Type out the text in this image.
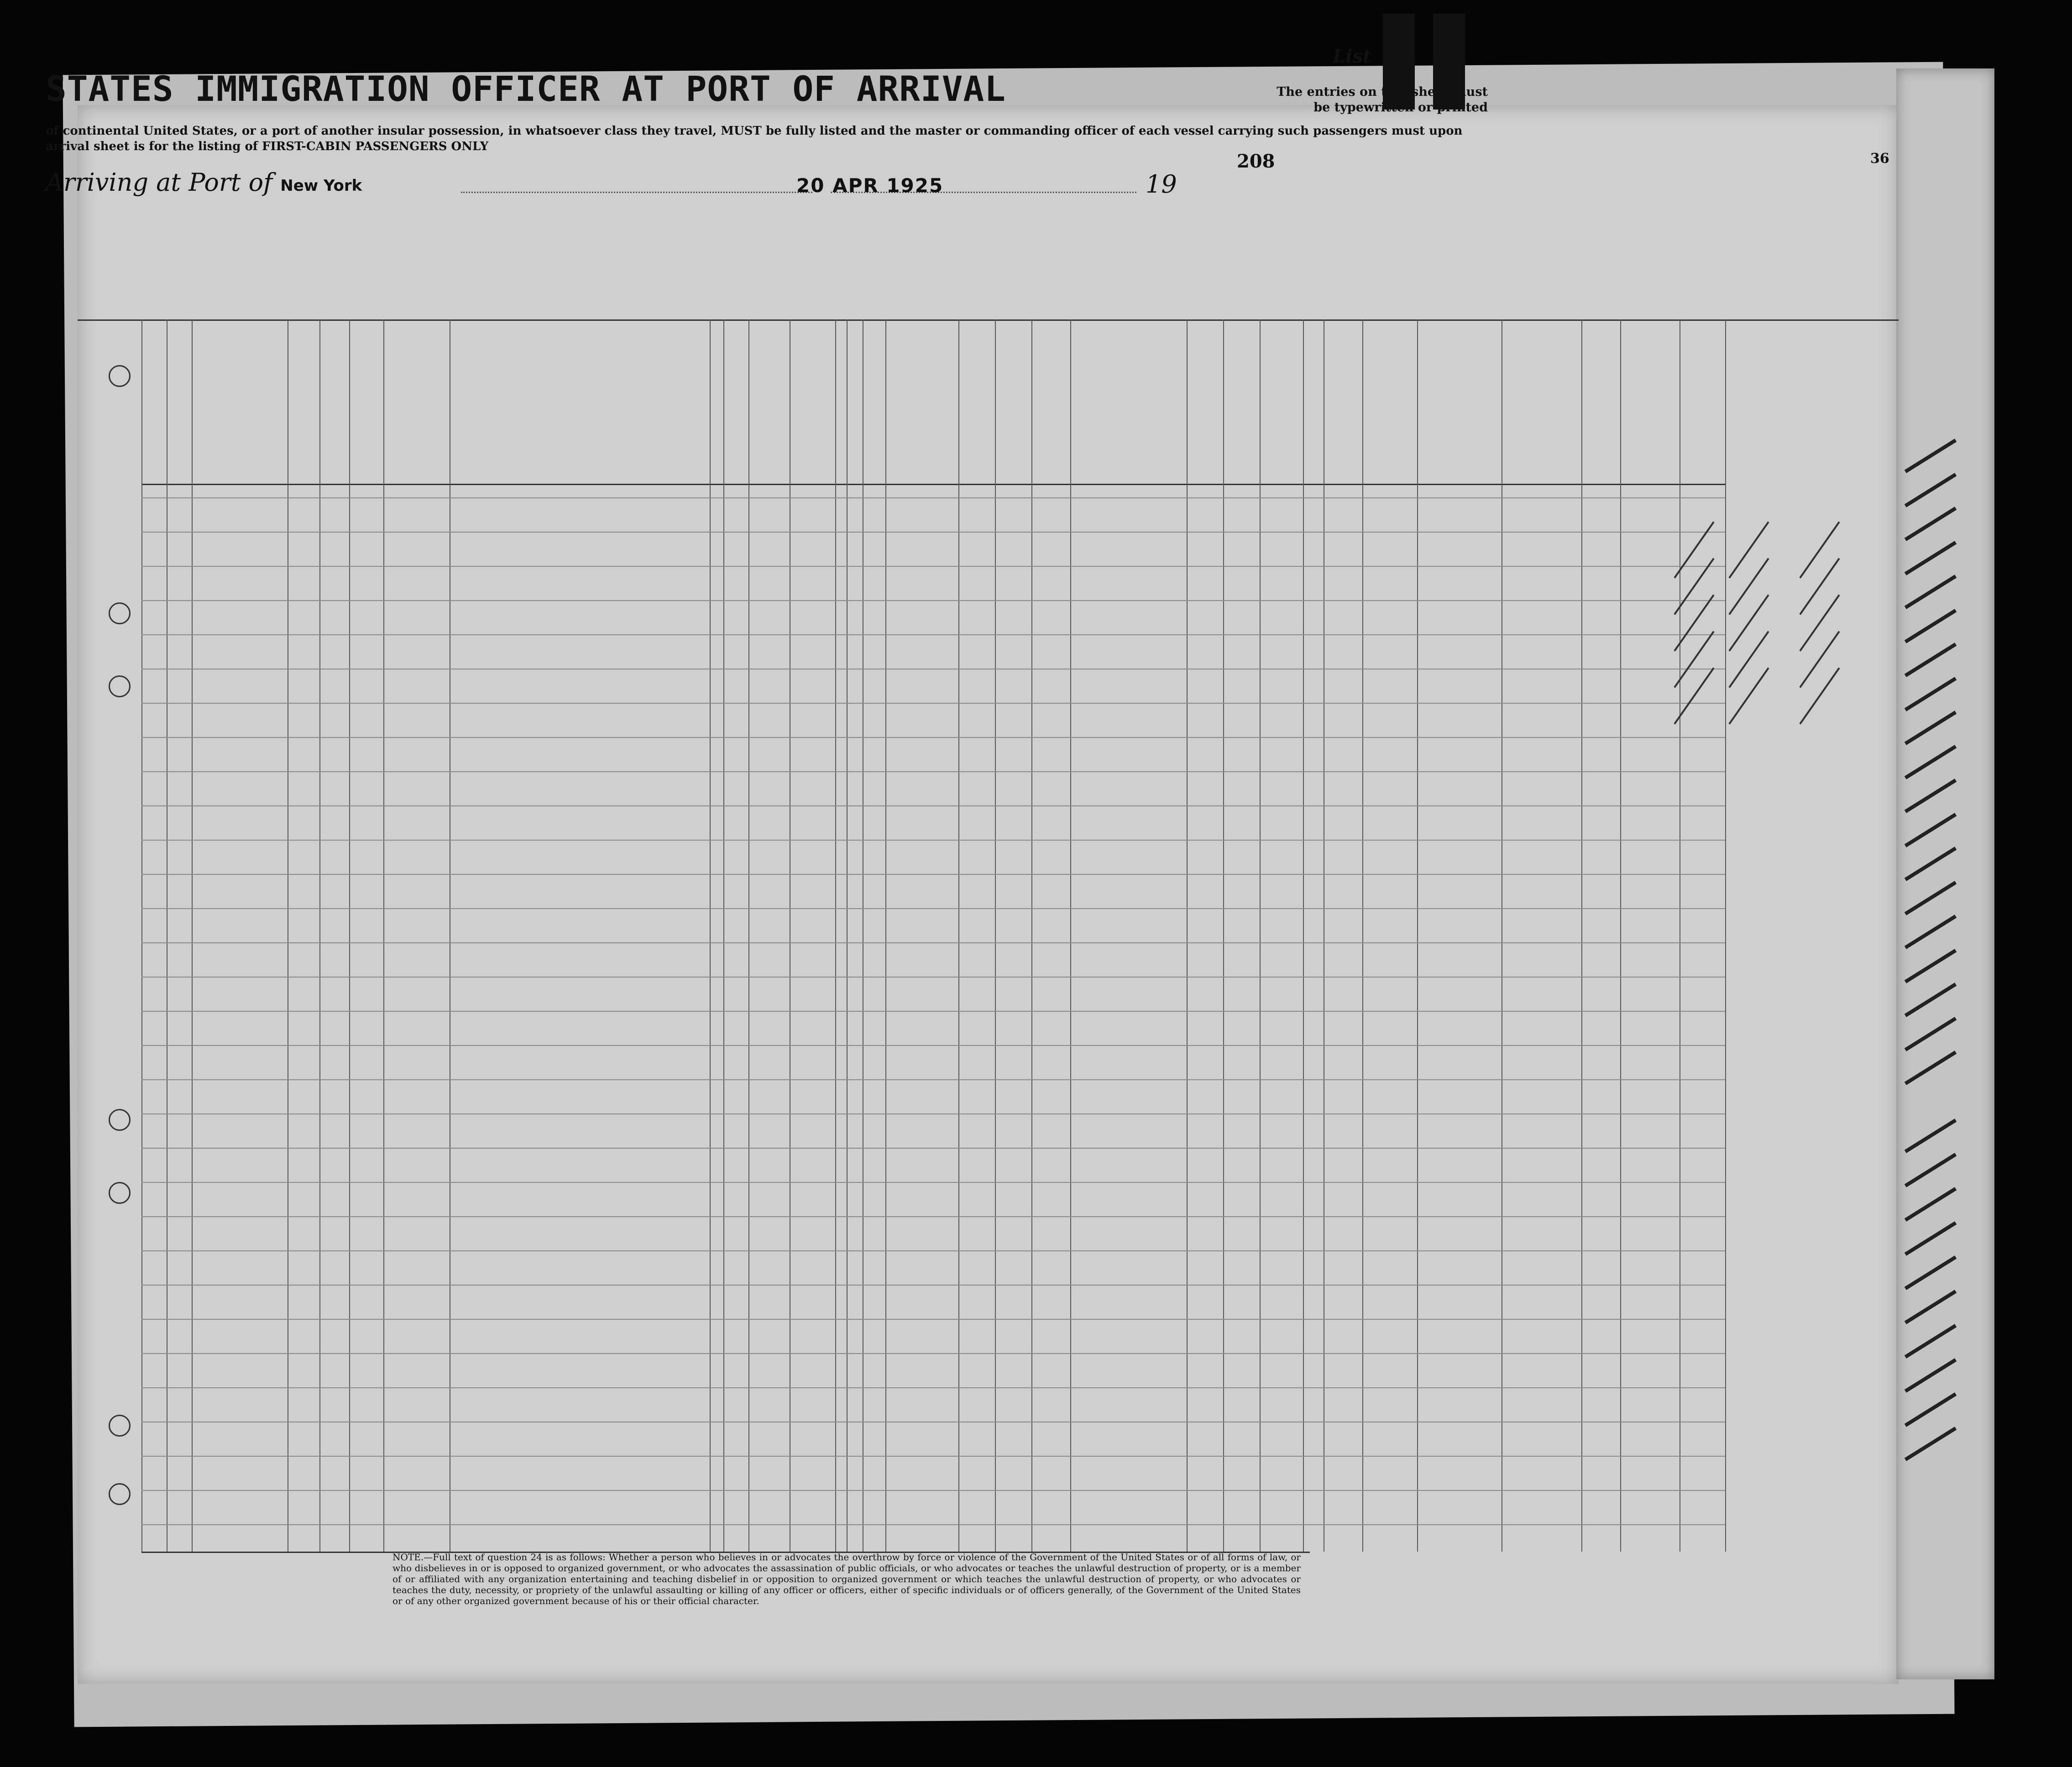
STATES IMMIGRATION OFFICER AT PORT OF ARRIVAL
of continental United States, or a port of another insular possession, in whatsoever class they travel, MUST be fully listed and the master or commanding officer of each vessel carrying such passengers must upon arrival sheet is for the listing of FIRST-CABIN PASSENGERS ONLY
List
The entries on this sheet must be typewritten or printed
208	36
Arriving at Port of New York	20 APR 1925	19
NOTE.—Full text of question 24 is as follows: Whether a person who believes in or advocates the overthrow by force or violence of the Government of the United States or of all forms of law, or who disbelieves in or is opposed to organized government, or who advocates the assassination of public officials, or who advocates or teaches the unlawful destruction of property, or is a member of or affiliated with any organization entertaining and teaching disbelief in or opposition to organized government or which teaches the unlawful destruction of property, or who advocates or teaches the duty, necessity, or propriety of the unlawful assaulting or killing of any officer or officers, either of specific individuals or of officers generally, of the Government of the United States or of any other organized government because of his or their official character.
